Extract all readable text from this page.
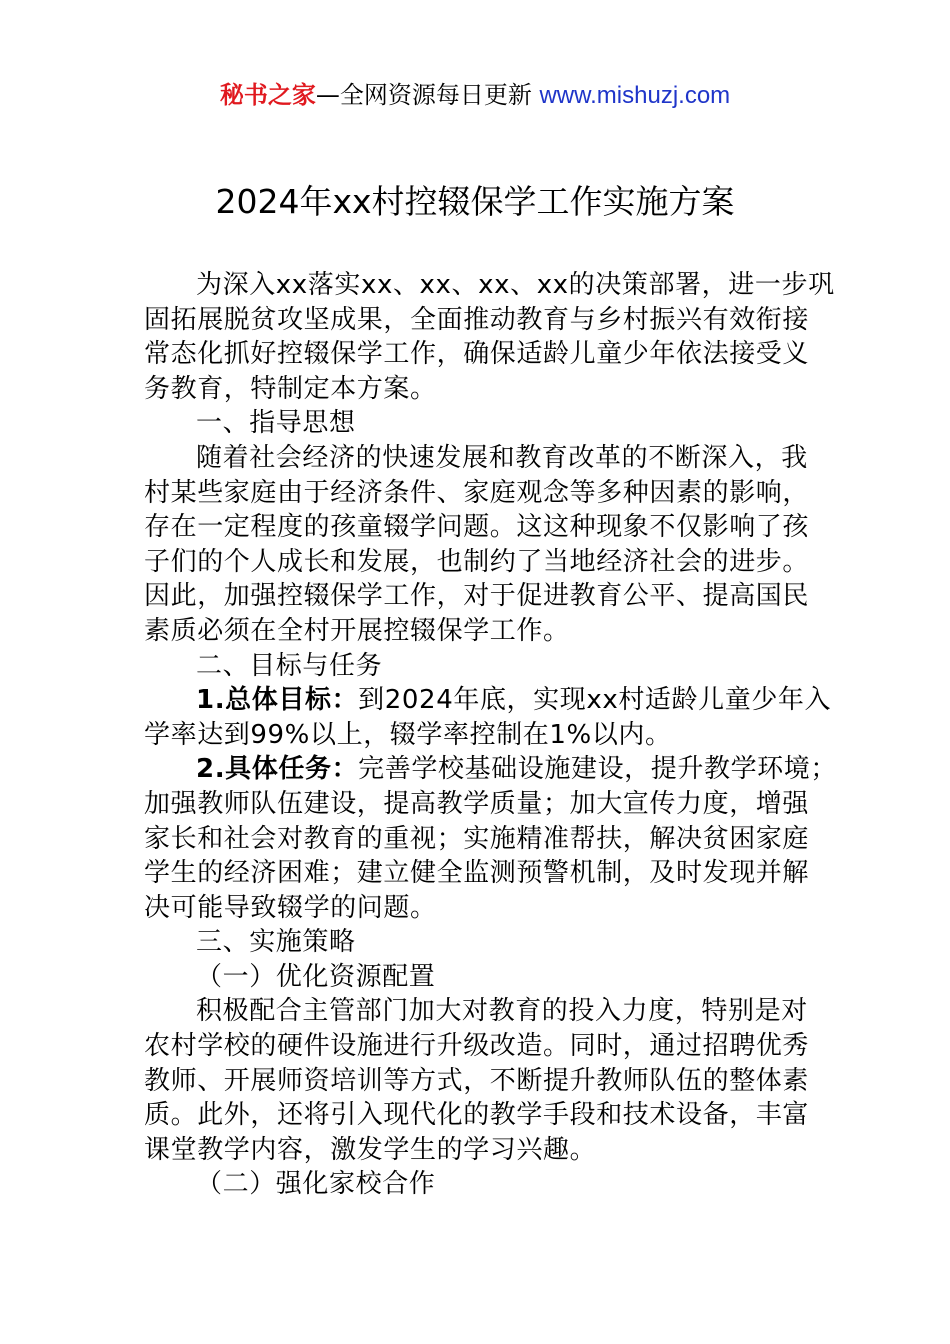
秘书之家—全网资源每日更新 www.mishuzj.com
2024年xx村控辍保学工作实施方案
为深入xx落实xx、xx、xx、xx的决策部署，进一步巩
固拓展脱贫攻坚成果，全面推动教育与乡村振兴有效衔接
常态化抓好控辍保学工作，确保适龄儿童少年依法接受义
务教育，特制定本方案。
一、指导思想
随着社会经济的快速发展和教育改革的不断深入，我
村某些家庭由于经济条件、家庭观念等多种因素的影响，
存在一定程度的孩童辍学问题。这这种现象不仅影响了孩
子们的个人成长和发展，也制约了当地经济社会的进步。
因此，加强控辍保学工作，对于促进教育公平、提高国民
素质必须在全村开展控辍保学工作。
二、目标与任务
1.总体目标：到2024年底，实现xx村适龄儿童少年入
学率达到99%以上，辍学率控制在1%以内。
2.具体任务：完善学校基础设施建设，提升教学环境；
加强教师队伍建设，提高教学质量；加大宣传力度，增强
家长和社会对教育的重视；实施精准帮扶，解决贫困家庭
学生的经济困难；建立健全监测预警机制，及时发现并解
决可能导致辍学的问题。
三、实施策略
（一）优化资源配置
积极配合主管部门加大对教育的投入力度，特别是对
农村学校的硬件设施进行升级改造。同时，通过招聘优秀
教师、开展师资培训等方式，不断提升教师队伍的整体素
质。此外，还将引入现代化的教学手段和技术设备，丰富
课堂教学内容，激发学生的学习兴趣。
（二）强化家校合作
